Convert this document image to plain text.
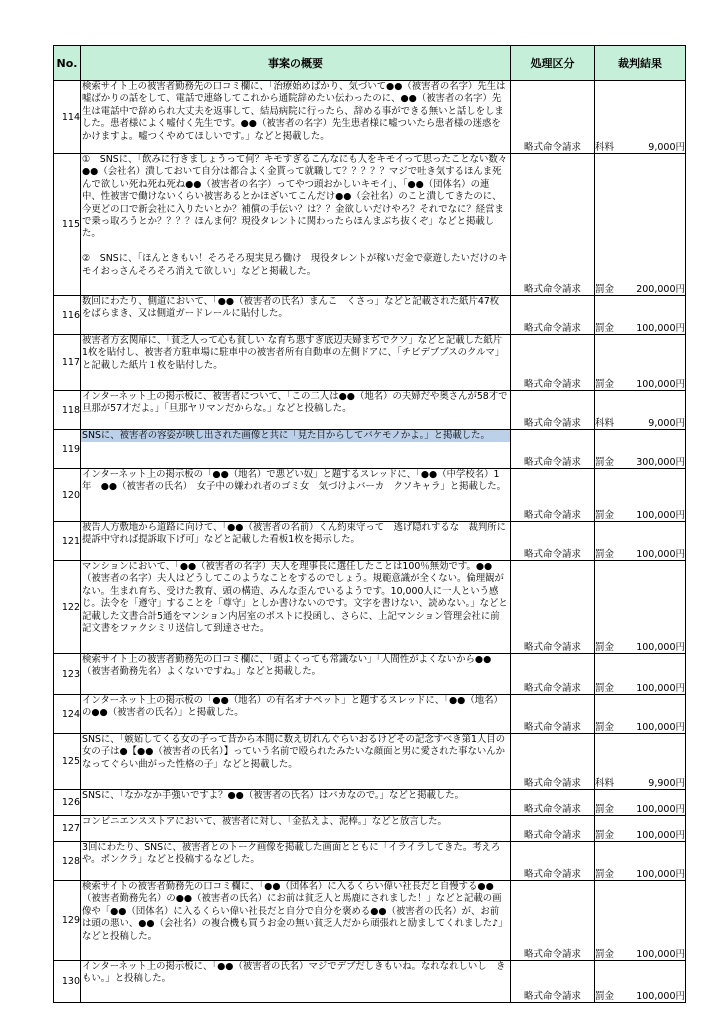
No.	事案の概要	処理区分	裁判結果
114	検索サイト上の被害者勤務先の口コミ欄に、「治療始めばかり、気づいて●●（被害者の名字）先生は嘘ばかりの話をして、電話で連絡してこれから通院辞めたい伝わったのに、●●（被害者の名字）先生は電話中で辞められ大丈夫を返事して、結局病院に行ったら、辞める事ができる無いと話しをしました。患者様によく嘘付く先生です。●●（被害者の名字）先生患者様に嘘ついたら患者様の迷惑をかけますよ。嘘つくやめてほしいです。」などと掲載した。	略式命令請求	科料 9,000円

115	①　SNSに、「飲みに行きましょうって何？キモすぎるこんなにも人をキモイって思ったことない数々●●（会社名）潰しておいて自分は都合よく金貰って就職して？？？？？マジで吐き気するほんま死んで欲しい死ね死ね死ね●●（被害者の名字）ってやつ頭おかしいキモイ」、「●●（団体名）の連中、性被害で働けないくらい被害あるとかほざいてこんだけ●●（会社名）のこと潰してきたのに、今更どの口で新会社に入りたいとか？補償の手伝い？は？？金欲しいだけやろ？それでなに？経営まで乗っ取ろうとか？？？？ほんま何？現役タレントに関わったらほんまぶち抜くぞ」などと掲載した。

②　SNSに、「ほんときもい！そろそろ現実見ろ働け　現役タレントが稼いだ金で豪遊したいだけのキモイおっさんそろそろ消えて欲しい」などと掲載した。	略式命令請求	罰金 200,000円

116	数回にわたり、側道において、「●●（被害者の氏名）まんこ　くさっ」などと記載された紙片47枚をばらまき、又は側道ガードレールに貼付した。	略式命令請求	罰金 100,000円

117	被害者方玄関扉に、「貧乏人って心も貧しい な育ち悪すぎ底辺夫婦まぢでクソ」などと記載した紙片1枚を貼付し、被害者方駐車場に駐車中の被害者所有自動車の左側ドアに、「チビデブブスのクルマ」と記載した紙片１枚を貼付した。	略式命令請求	罰金 100,000円

118	インターネット上の掲示板に、被害者について、「この二人は●●（地名）の夫婦だや奥さんが58才で旦那が57才だよ。」「旦那ヤリマンだからな。」などと投稿した。	略式命令請求	科料 9,000円

119	SNSに、被害者の容姿が映し出された画像と共に「見た目からしてバケモノかよ。」と掲載した。	略式命令請求	罰金 300,000円

120	インターネット上の掲示板の「●●（地名）で悪どい奴」と題するスレッドに、「●●（中学校名）1年　●●（被害者の氏名）　女子中の嫌われ者のゴミ女　気づけよバーカ　クソキャラ」と掲載した。	略式命令請求	罰金 100,000円

121	被告人方敷地から道路に向けて、「●●（被害者の名前）くん約束守って　逃げ隠れするな　裁判所に提訴中守れば提訴取下げ可」などと記載した看板1枚を掲示した。	略式命令請求	罰金 100,000円

122	マンションにおいて、「●●（被害者の名字）夫人を理事長に選任したことは100％無効です。●●（被害者の名字）夫人はどうしてこのようなことをするのでしょう。規範意識が全くない。倫理観がない。生まれ育ち、受けた教育、頭の構造、みんな歪んでいるようです。10,000人に一人という感じ。法令を「遵守」することを「尊守」としか書けないのです。文字を書けない、読めない。」などと記載した文書合計5通をマンション内居室のポストに投函し、さらに、上記マンション管理会社に前記文書をファクシミリ送信して到達させた。	略式命令請求	罰金 100,000円

123	検索サイト上の被害者勤務先の口コミ欄に、「頭よくっても常識ない」「人間性がよくないから●●（被害者勤務先名）よくないですね。」などと掲載した。	略式命令請求	罰金 100,000円

124	インターネット上の掲示板の「●●（地名）の有名オナペット」と題するスレッドに、「●●（地名）の●●（被害者の氏名）」と掲載した。	略式命令請求	罰金 100,000円

125	SNSに、「嫉妬してくる女の子って昔から本間に数え切れんぐらいおるけどその記念すべき第1人目の女の子は●【●●（被害者の氏名）】っていう名前で殴られたみたいな顔面と男に愛された事ないんかなってぐらい曲がった性格の子」などと掲載した。	略式命令請求	科料 9,900円

126	SNSに、「なかなか手強いですよ？●●（被害者の氏名）はバカなので。」などと掲載した。	略式命令請求	罰金 100,000円

127	コンビニエンスストアにおいて、被害者に対し、「金払えよ、泥棒。」などと放言した。	略式命令請求	罰金 100,000円

128	3回にわたり、SNSに、被害者とのトーク画像を掲載した画面とともに「イライラしてきた。考えろや。ボンクラ」などと投稿するなどした。	略式命令請求	罰金 100,000円

129	検索サイトの被害者勤務先の口コミ欄に、「●●（団体名）に入るくらい偉い社長だと自慢する●●（被害者勤務先名）の●●（被害者の氏名）にお前は貧乏人と馬鹿にされました！」などと記載の画像や「●●（団体名）に入るくらい偉い社長だと自分で自分を褒める●●（被害者の氏名）が、お前は頭の悪い、●●（会社名）の複合機も買うお金の無い貧乏人だから頑張れと励ましてくれました♪」などと投稿した。	略式命令請求	罰金 100,000円

130	インターネット上の掲示板に、「●●（被害者の氏名）マジでデブだしきもいね。なれなれしいし　きもい。」と投稿した。	略式命令請求	罰金 100,000円
